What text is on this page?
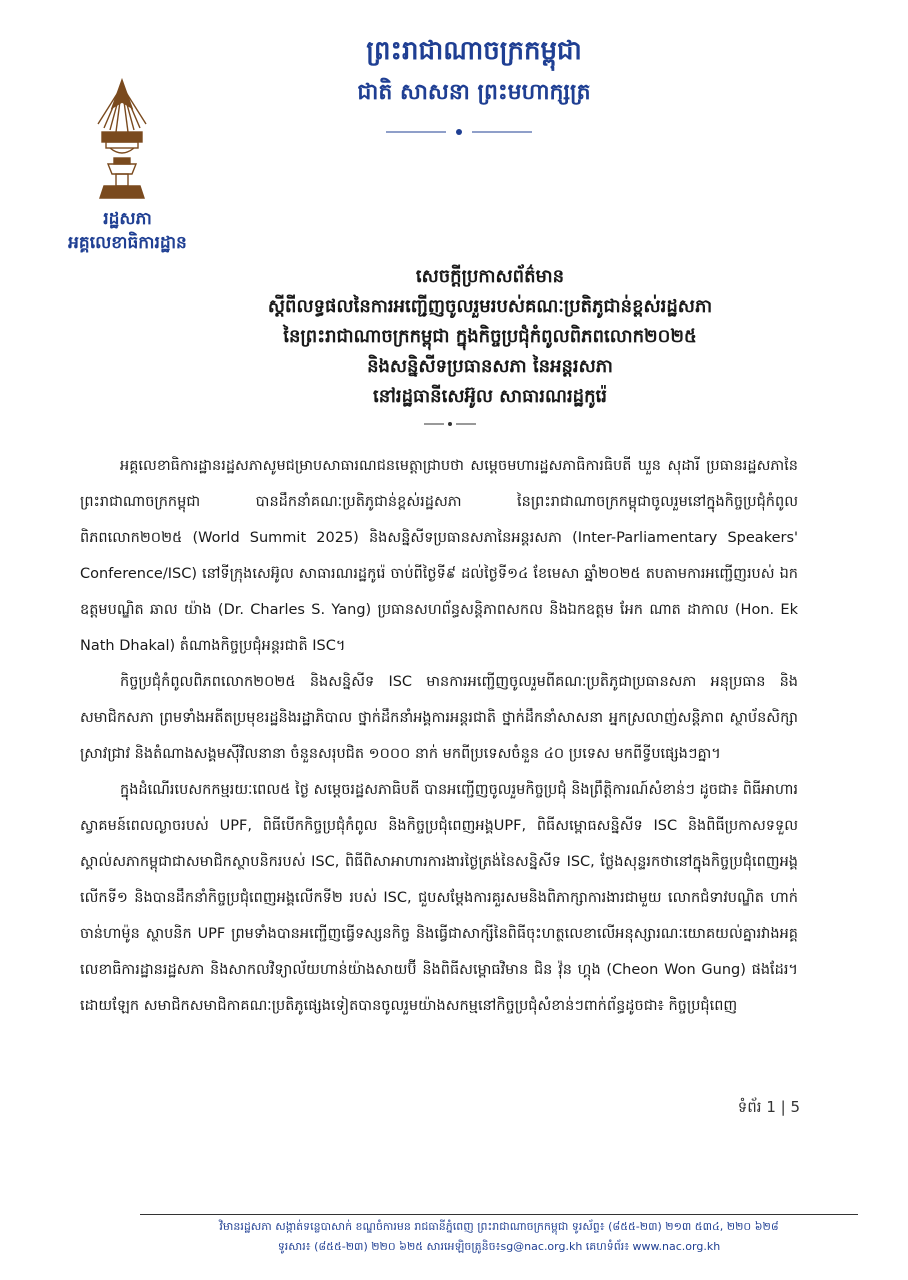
ព្រះរាជាណាចក្រកម្ពុជា
ជាតិ សាសនា ព្រះមហាក្សត្រ
រដ្ឋសភា
អគ្គលេខាធិការដ្ឋាន
សេចក្ដីប្រកាសព័ត៌មាន
ស្ដីពីលទ្ធផលនៃការអញ្ជើញចូលរួមរបស់គណៈប្រតិភូជាន់ខ្ពស់រដ្ឋសភា
នៃព្រះរាជាណាចក្រកម្ពុជា ក្នុងកិច្ចប្រជុំកំពូលពិភពលោក២០២៥
និងសន្និសីទប្រធានសភា នៃអន្តរសភា
នៅរដ្ឋធានីសេអ៊ូល សាធារណរដ្ឋកូរ៉េ

អគ្គលេខាធិការដ្ឋានរដ្ឋសភាសូមជម្រាបសាធារណជនមេត្តាជ្រាបថា សម្ដេចមហារដ្ឋសភាធិការធិបតី ឃួន សុដារី ប្រធានរដ្ឋសភានៃព្រះរាជាណាចក្រកម្ពុជា បានដឹកនាំគណៈប្រតិភូជាន់ខ្ពស់រដ្ឋសភា នៃព្រះរាជាណាចក្រកម្ពុជាចូលរួមនៅក្នុងកិច្ចប្រជុំកំពូលពិភពលោក២០២៥ (World Summit 2025) និងសន្និសីទប្រធានសភានៃអន្តរសភា (Inter-Parliamentary Speakers' Conference/ISC) នៅទីក្រុងសេអ៊ូល សាធារណរដ្ឋកូរ៉េ ចាប់ពីថ្ងៃទី៩ ដល់ថ្ងៃទី១៤ ខែមេសា ឆ្នាំ២០២៥ តបតាមការអញ្ជើញរបស់ ឯកឧត្តមបណ្ឌិត ឆាល យ៉ាង (Dr. Charles S. Yang) ប្រធានសហព័ន្ធសន្តិភាពសកល និងឯកឧត្តម អែក ណាត ដាកាល (Hon. Ek Nath Dhakal) តំណាងកិច្ចប្រជុំអន្តរជាតិ ISC។

កិច្ចប្រជុំកំពូលពិភពលោក២០២៥ និងសន្និសីទ ISC មានការអញ្ជើញចូលរួមពីគណៈប្រតិភូជាប្រធានសភា អនុប្រធាន និងសមាជិកសភា ព្រមទាំងអតីតប្រមុខរដ្ឋនិងរដ្ឋាភិបាល ថ្នាក់ដឹកនាំអង្គការអន្តរជាតិ ថ្នាក់ដឹកនាំសាសនា អ្នកស្រលាញ់សន្តិភាព ស្ថាប័នសិក្សាស្រាវជ្រាវ និងតំណាងសង្គមស៊ីវិលនានា ចំនួនសរុបជិត ១០០០ នាក់ មកពីប្រទេសចំនួន ៤០ ប្រទេស មកពីទ្វីបផ្សេងៗគ្នា។

ក្នុងដំណើរបេសកកម្មរយៈពេល៥ ថ្ងៃ សម្ដេចរដ្ឋសភាធិបតី បានអញ្ជើញចូលរួមកិច្ចប្រជុំ និងព្រឹត្តិការណ៍សំខាន់ៗ ដូចជា៖ ពិធីអាហារស្វាគមន៍ពេលល្ងាចរបស់ UPF, ពិធីបើកកិច្ចប្រជុំកំពូល និងកិច្ចប្រជុំពេញអង្គUPF, ពិធីសម្ពោធសន្និសីទ ISC និងពិធីប្រកាសទទួលស្គាល់សភាកម្ពុជាជាសមាជិកស្ថាបនិករបស់ ISC, ពិធីពិសាអាហារការងារថ្ងៃត្រង់នៃសន្និសីទ ISC, ថ្លែងសុន្ទរកថានៅក្នុងកិច្ចប្រជុំពេញអង្គលើកទី១ និងបានដឹកនាំកិច្ចប្រជុំពេញអង្គលើកទី២ របស់ ISC, ជួបសម្ដែងការគួរសមនិងពិភាក្សាការងារជាមួយ លោកជំទាវបណ្ឌិត ហាក់ ចាន់ហាម៉ូន ស្ថាបនិក UPF ព្រមទាំងបានអញ្ជើញធ្វើទស្សនកិច្ច និងធ្វើជាសាក្សីនៃពិធីចុះហត្ថលេខាលើអនុស្សារណៈយោគយល់គ្នារវាងអគ្គលេខាធិការដ្ឋានរដ្ឋសភា និងសាកលវិទ្យាល័យហាន់យ៉ាងសាយប៊ី និងពិធីសម្ពោធវិមាន ជិន វ៉ុន ហ្គុង (Cheon Won Gung) ផងដែរ។ ដោយឡែក សមាជិកសមាជិកាគណៈប្រតិភូផ្សេងទៀតបានចូលរួមយ៉ាងសកម្មនៅកិច្ចប្រជុំសំខាន់ៗពាក់ព័ន្ធដូចជា៖ កិច្ចប្រជុំពេញ

ទំព័រ 1 | 5
វិមានរដ្ឋសភា សង្កាត់ទន្លេបាសាក់ ខណ្ឌចំការមន រាជធានីភ្នំពេញ ព្រះរាជាណាចក្រកម្ពុជា ទូរស័ព្ទ៖ (៨៥៥-២៣) ២១៣ ៥៣៤, ២២០ ៦២៨
ទូរសារ៖ (៨៥៥-២៣) ២២០ ៦២៥ សារអេឡិចត្រូនិច៖sg@nac.org.kh គេហទំព័រ៖ www.nac.org.kh
